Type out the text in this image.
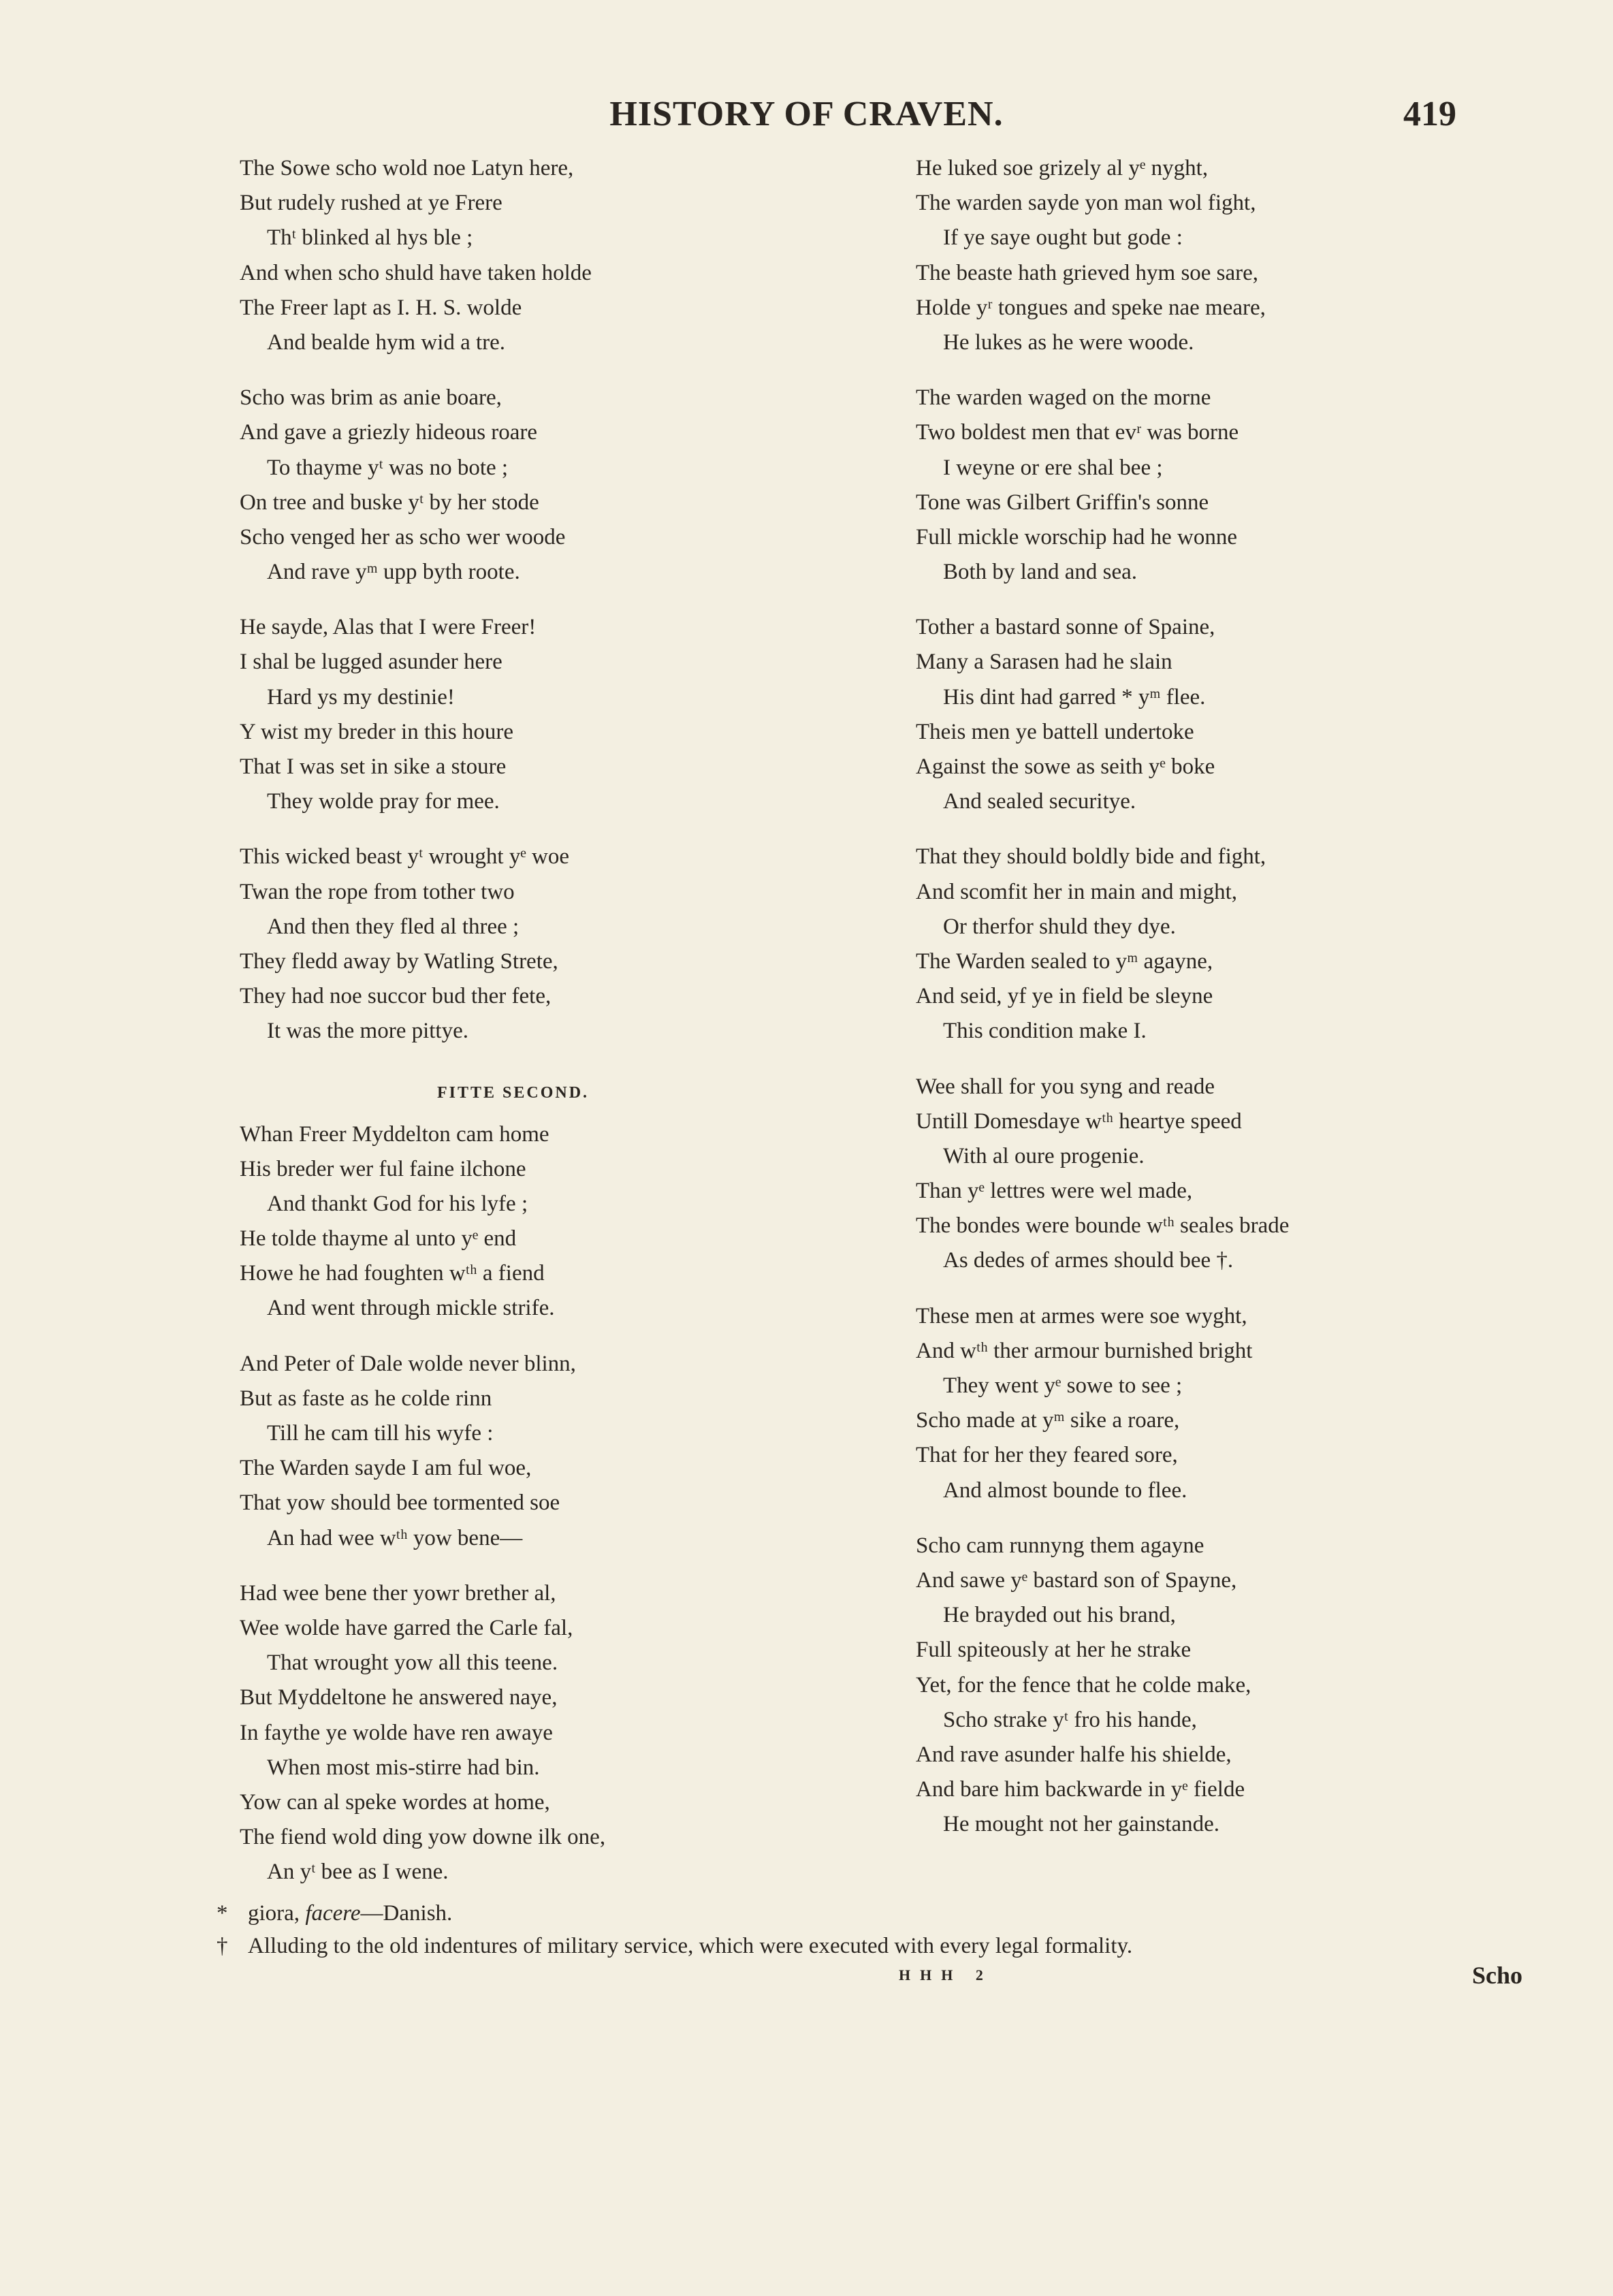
HISTORY OF CRAVEN.	419
The Sowe scho wold noe Latyn here,
But rudely rushed at ye Frere
Thᵗ blinked al hys ble ;
And when scho shuld have taken holde
The Freer lapt as I. H. S. wolde
And bealde hym wid a tre.
Scho was brim as anie boare,
And gave a griezly hideous roare
To thayme yᵗ was no bote ;
On tree and buske yᵗ by her stode
Scho venged her as scho wer woode
And rave yᵐ upp byth roote.
He sayde, Alas that I were Freer!
I shal be lugged asunder here
Hard ys my destinie!
Y wist my breder in this houre
That I was set in sike a stoure
They wolde pray for mee.
This wicked beast yᵗ wrought yᵉ woe
Twan the rope from tother two
And then they fled al three ;
They fledd away by Watling Strete,
They had noe succor bud ther fete,
It was the more pittye.
FITTE SECOND.
Whan Freer Myddelton cam home
His breder wer ful faine ilchone
And thankt God for his lyfe ;
He tolde thayme al unto yᵉ end
Howe he had foughten wᵗʰ a fiend
And went through mickle strife.
And Peter of Dale wolde never blinn,
But as faste as he colde rinn
Till he cam till his wyfe :
The Warden sayde I am ful woe,
That yow should bee tormented soe
An had wee wᵗʰ yow bene—
Had wee bene ther yowr brether al,
Wee wolde have garred the Carle fal,
That wrought yow all this teene.
But Myddeltone he answered naye,
In faythe ye wolde have ren awaye
When most mis-stirre had bin.
Yow can al speke wordes at home,
The fiend wold ding yow downe ilk one,
An yᵗ bee as I wene.
He luked soe grizely al yᵉ nyght,
The warden sayde yon man wol fight,
If ye saye ought but gode :
The beaste hath grieved hym soe sare,
Holde yʳ tongues and speke nae meare,
He lukes as he were woode.
The warden waged on the morne
Two boldest men that evʳ was borne
I weyne or ere shal bee ;
Tone was Gilbert Griffin's sonne
Full mickle worschip had he wonne
Both by land and sea.
Tother a bastard sonne of Spaine,
Many a Sarasen had he slain
His dint had garred * yᵐ flee.
Theis men ye battell undertoke
Against the sowe as seith yᵉ boke
And sealed securitye.
That they should boldly bide and fight,
And scomfit her in main and might,
Or therfor shuld they dye.
The Warden sealed to yᵐ agayne,
And seid, yf ye in field be sleyne
This condition make I.
Wee shall for you syng and reade
Untill Domesdaye wᵗʰ heartye speed
With al oure progenie.
Than yᵉ lettres were wel made,
The bondes were bounde wᵗʰ seales brade
As dedes of armes should bee †.
These men at armes were soe wyght,
And wᵗʰ ther armour burnished bright
They went yᵉ sowe to see ;
Scho made at yᵐ sike a roare,
That for her they feared sore,
And almost bounde to flee.
Scho cam runnyng them agayne
And sawe yᵉ bastard son of Spayne,
He brayded out his brand,
Full spiteously at her he strake
Yet, for the fence that he colde make,
Scho strake yᵗ fro his hande,
And rave asunder halfe his shielde,
And bare him backwarde in yᵉ fielde
He mought not her gainstande.
* giora, facere—Danish.
† Alluding to the old indentures of military service, which were executed with every legal formality.
HHH 2	Scho
